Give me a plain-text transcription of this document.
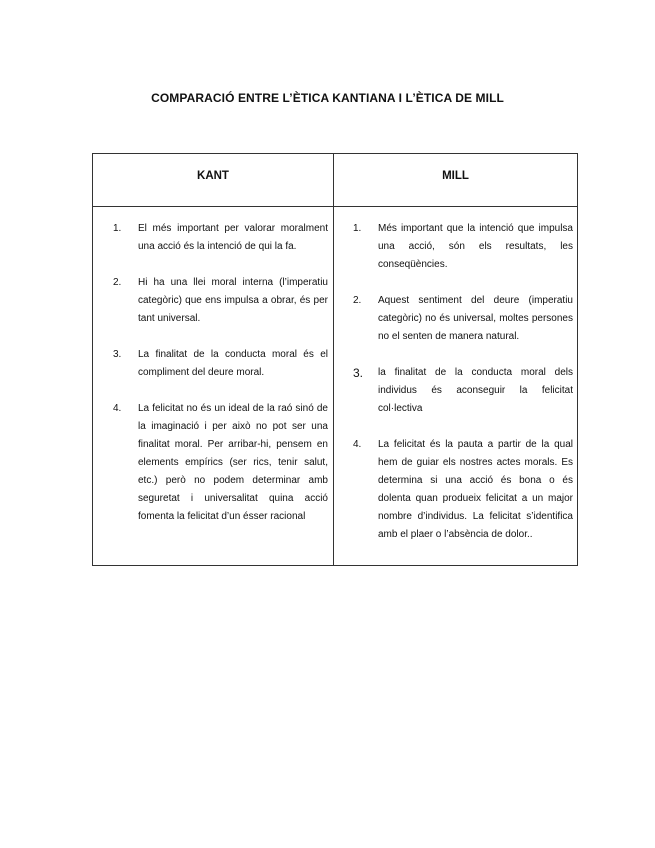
COMPARACIÓ ENTRE L’ÈTICA KANTIANA I L’ÈTICA DE MILL
KANT	MILL
1. El més important per valorar moralment una acció és la intenció de qui la fa.
2. Hi ha una llei moral interna (l’imperatiu categòric) que ens impulsa a obrar, és per tant universal.
3. La finalitat de la conducta moral és el compliment del deure moral.
4. La felicitat no és un ideal de la raó sinó de la imaginació i per això no pot ser una finalitat moral. Per arribar-hi, pensem en elements empírics (ser rics, tenir salut, etc.) però no podem determinar amb seguretat i universalitat quina acció fomenta la felicitat d’un ésser racional
1. Més important que la intenció que impulsa una acció, són els resultats, les conseqüències.
2. Aquest sentiment del deure (imperatiu categòric) no és universal, moltes persones no el senten de manera natural.
3. la finalitat de la conducta moral dels individus és aconseguir la felicitat col·lectiva
4. La felicitat és la pauta a partir de la qual hem de guiar els nostres actes morals. Es determina si una acció és bona o és dolenta quan produeix felicitat a un major nombre d’individus. La felicitat s’identifica amb el plaer o l’absència de dolor..
